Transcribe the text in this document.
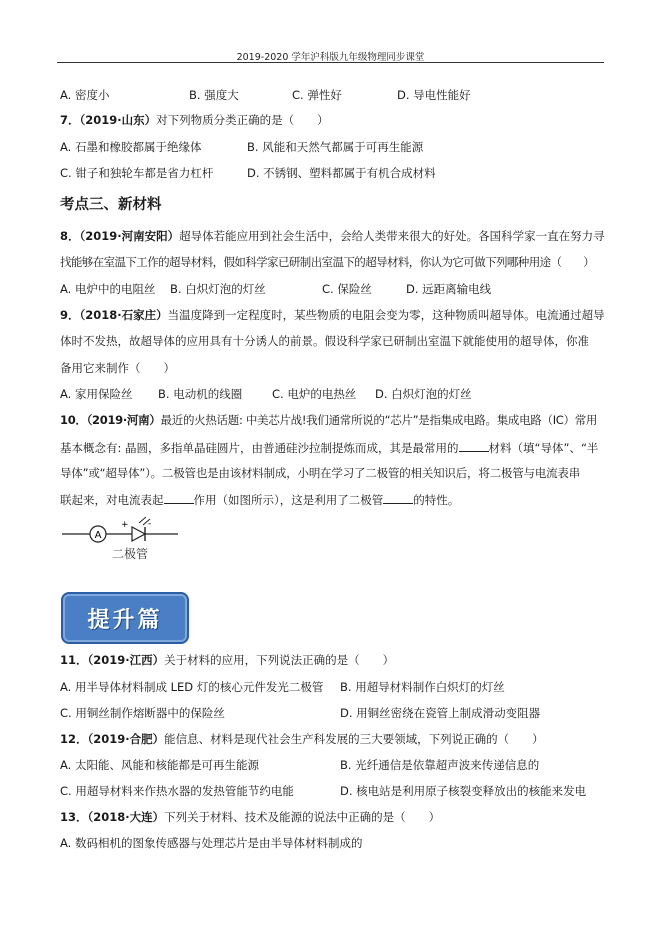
2019-2020 学年沪科版九年级物理同步课堂
A. 密度小	B. 强度大	C. 弹性好	D. 导电性能好
7．（2019·山东）对下列物质分类正确的是（　　）
A. 石墨和橡胶都属于绝缘体	B. 风能和天然气都属于可再生能源
C. 钳子和独轮车都是省力杠杆	D. 不锈钢、塑料都属于有机合成材料
考点三、新材料
8．（2019·河南安阳）超导体若能应用到社会生活中，会给人类带来很大的好处。各国科学家一直在努力寻
找能够在室温下工作的超导材料，假如科学家已研制出室温下的超导材料，你认为它可做下列哪种用途（　　）
A. 电炉中的电阻丝 B. 白炽灯泡的灯丝	C. 保险丝	D. 远距离输电线
9．（2018·石家庄）当温度降到一定程度时，某些物质的电阻会变为零，这种物质叫超导体。电流通过超导
体时不发热，故超导体的应用具有十分诱人的前景。假设科学家已研制出室温下就能使用的超导体，你准
备用它来制作（　　）
A. 家用保险丝 B. 电动机的线圈	C. 电炉的电热丝 D. 白炽灯泡的灯丝
10．（2019·河南）最近的火热话题: 中美芯片战!我们通常所说的“芯片”是指集成电路。集成电路（IC）常用
基本概念有: 晶圆，多指单晶硅圆片，由普通硅沙拉制提炼而成，其是最常用的	材料（填“导体”、“半
导体”或“超导体”）。二极管也是由该材料制成，小明在学习了二极管的相关知识后，将二极管与电流表串
联起来，对电流表起	作用（如图所示），这是利用了二极管	的特性。
A
+ -
二极管
提升篇
11．（2019·江西）关于材料的应用，下列说法正确的是（　　）
A. 用半导体材料制成 LED 灯的核心元件发光二极管 B. 用超导材料制作白炽灯的灯丝
C. 用铜丝制作熔断器中的保险丝	D. 用铜丝密绕在瓷管上制成滑动变阻器
12．（2019·合肥）能信息、材料是现代社会生产科发展的三大要领域，下列说正确的（　　）
A. 太阳能、风能和核能都是可再生能源	B. 光纤通信是依靠超声波来传递信息的
C. 用超导材料来作热水器的发热管能节约电能	D. 核电站是利用原子核裂变释放出的核能来发电
13．（2018·大连）下列关于材料、技术及能源的说法中正确的是（　　）
A. 数码相机的图象传感器与处理芯片是由半导体材料制成的
